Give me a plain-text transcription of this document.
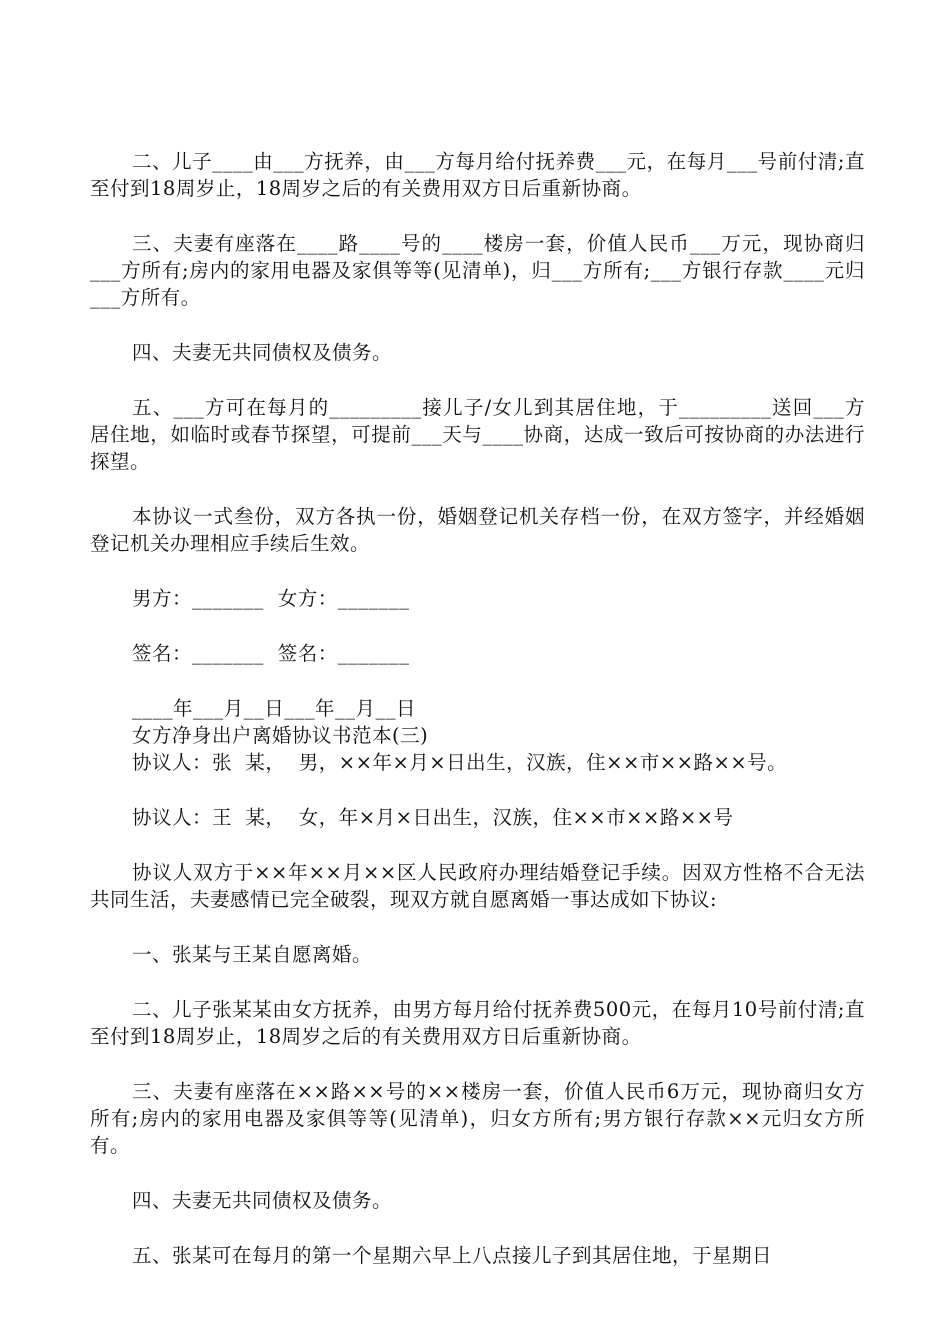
二、儿子____由___方抚养，由___方每月给付抚养费___元，在每月___号前付清;直至付到18周岁止，18周岁之后的有关费用双方日后重新协商。

三、夫妻有座落在____路____号的____楼房一套，价值人民币___万元，现协商归___方所有;房内的家用电器及家俱等等(见清单)，归___方所有;___方银行存款____元归___方所有。

四、夫妻无共同债权及债务。

五、___方可在每月的_________接儿子/女儿到其居住地，于_________送回___方居住地，如临时或春节探望，可提前___天与____协商，达成一致后可按协商的办法进行探望。

本协议一式叁份，双方各执一份，婚姻登记机关存档一份，在双方签字，并经婚姻登记机关办理相应手续后生效。

男方：_______ 女方：_______
签名：_______ 签名：_______

____年___月__日___年__月__日

女方净身出户离婚协议书范本(三)

协议人：张  某，  男，××年×月×日出生，汉族，住××市××路××号。

协议人：王  某，  女，年×月×日出生，汉族，住××市××路××号

协议人双方于××年××月××区人民政府办理结婚登记手续。因双方性格不合无法共同生活，夫妻感情已完全破裂，现双方就自愿离婚一事达成如下协议:

一、张某与王某自愿离婚。

二、儿子张某某由女方抚养，由男方每月给付抚养费500元，在每月10号前付清;直至付到18周岁止，18周岁之后的有关费用双方日后重新协商。

三、夫妻有座落在××路××号的××楼房一套，价值人民币6万元，现协商归女方所有;房内的家用电器及家俱等等(见清单)，归女方所有;男方银行存款××元归女方所有。

四、夫妻无共同债权及债务。

五、张某可在每月的第一个星期六早上八点接儿子到其居住地，于星期日
